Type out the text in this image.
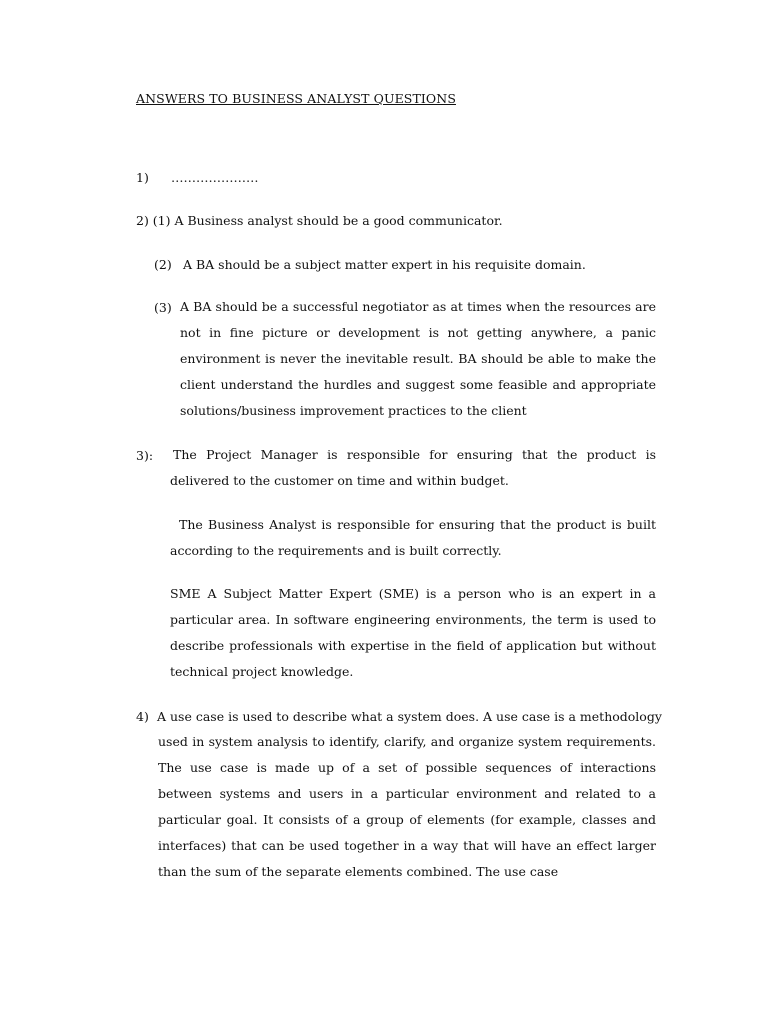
ANSWERS TO BUSINESS ANALYST QUESTIONS
1) …………………
2) (1) A Business analyst should be a good communicator.
(2) A BA should be a subject matter expert in his requisite domain.
(3) A BA should be a successful negotiator as at times when the resources are not in fine picture or development is not getting anywhere, a panic environment is never the inevitable result. BA should be able to make the client understand the hurdles and suggest some feasible and appropriate solutions/business improvement practices to the client
3): The Project Manager is responsible for ensuring that the product is delivered to the customer on time and within budget.
The Business Analyst is responsible for ensuring that the product is built according to the requirements and is built correctly.
SME A Subject Matter Expert (SME) is a person who is an expert in a particular area. In software engineering environments, the term is used to describe professionals with expertise in the field of application but without technical project knowledge.
4) A use case is used to describe what a system does. A use case is a methodology
used in system analysis to identify, clarify, and organize system requirements. The use case is made up of a set of possible sequences of interactions between systems and users in a particular environment and related to a particular goal. It consists of a group of elements (for example, classes and interfaces) that can be used together in a way that will have an effect larger than the sum of the separate elements combined. The use case
